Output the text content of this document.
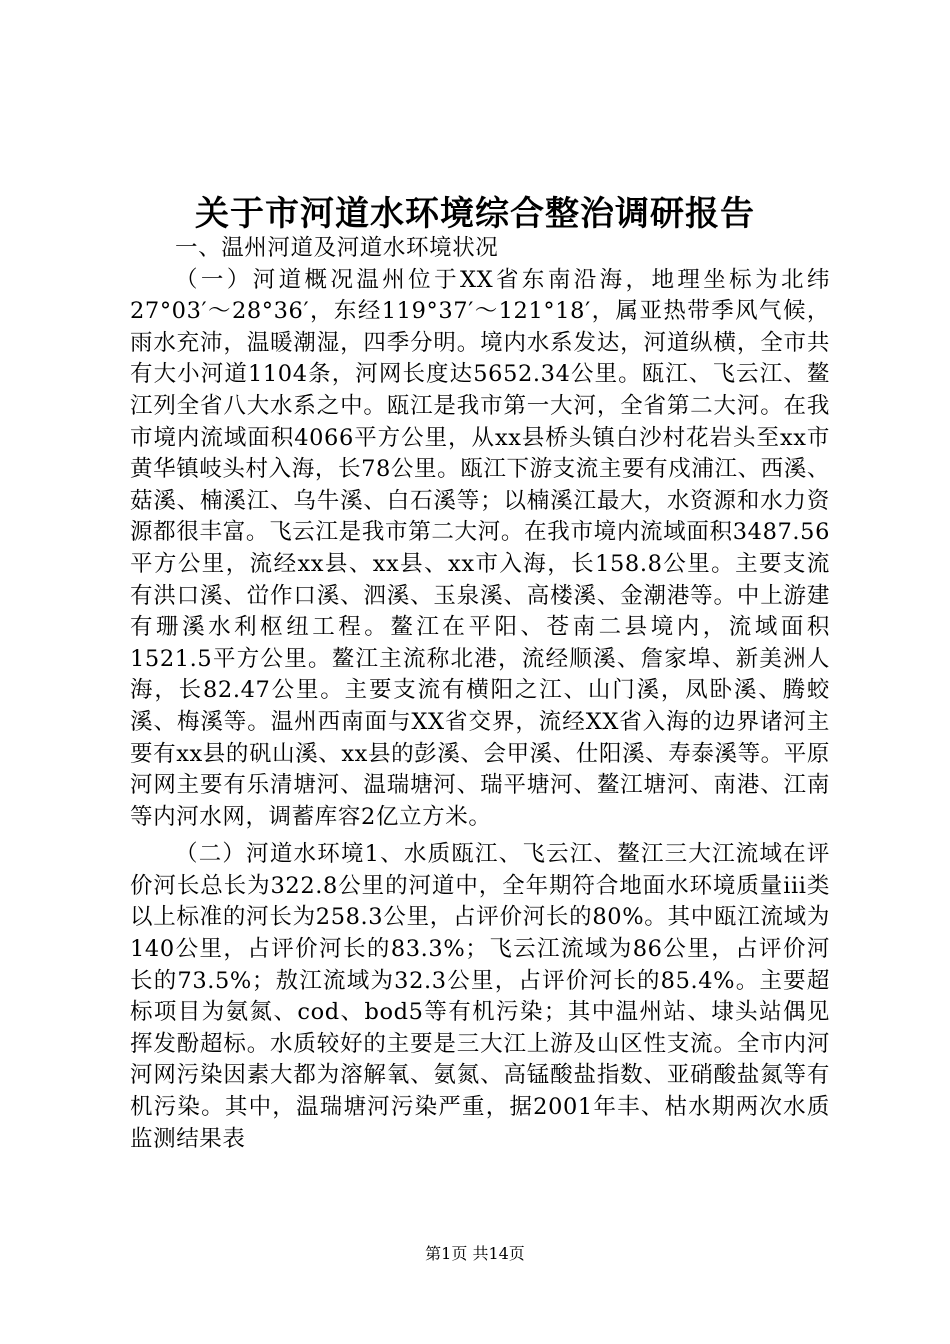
关于市河道水环境综合整治调研报告

一、温州河道及河道水环境状况

（一）河道概况温州位于XX省东南沿海，地理坐标为北纬27°03′～28°36′，东经119°37′～121°18′，属亚热带季风气候，雨水充沛，温暖潮湿，四季分明。境内水系发达，河道纵横，全市共有大小河道1104条，河网长度达5652.34公里。瓯江、飞云江、鳌江列全省八大水系之中。瓯江是我市第一大河，全省第二大河。在我市境内流域面积4066平方公里，从xx县桥头镇白沙村花岩头至xx市黄华镇岐头村入海，长78公里。瓯江下游支流主要有戍浦江、西溪、菇溪、楠溪江、乌牛溪、白石溪等；以楠溪江最大，水资源和水力资源都很丰富。飞云江是我市第二大河。在我市境内流域面积3487.56平方公里，流经xx县、xx县、xx市入海，长158.8公里。主要支流有洪口溪、峃作口溪、泗溪、玉泉溪、高楼溪、金潮港等。中上游建有珊溪水利枢纽工程。鳌江在平阳、苍南二县境内，流域面积1521.5平方公里。鳌江主流称北港，流经顺溪、詹家埠、新美洲人海，长82.47公里。主要支流有横阳之江、山门溪，凤卧溪、腾蛟溪、梅溪等。温州西南面与XX省交界，流经XX省入海的边界诸河主要有xx县的矾山溪、xx县的彭溪、会甲溪、仕阳溪、寿泰溪等。平原河网主要有乐清塘河、温瑞塘河、瑞平塘河、鳌江塘河、南港、江南等内河水网，调蓄库容2亿立方米。

（二）河道水环境1、水质瓯江、飞云江、鳌江三大江流域在评价河长总长为322.8公里的河道中，全年期符合地面水环境质量iii类以上标准的河长为258.3公里，占评价河长的80%。其中瓯江流域为140公里，占评价河长的83.3%；飞云江流域为86公里，占评价河长的73.5%；敖江流域为32.3公里，占评价河长的85.4%。主要超标项目为氨氮、cod、bod5等有机污染；其中温州站、埭头站偶见挥发酚超标。水质较好的主要是三大江上游及山区性支流。全市内河河网污染因素大都为溶解氧、氨氮、高锰酸盐指数、亚硝酸盐氮等有机污染。其中，温瑞塘河污染严重，据2001年丰、枯水期两次水质监测结果表

第1页 共14页
